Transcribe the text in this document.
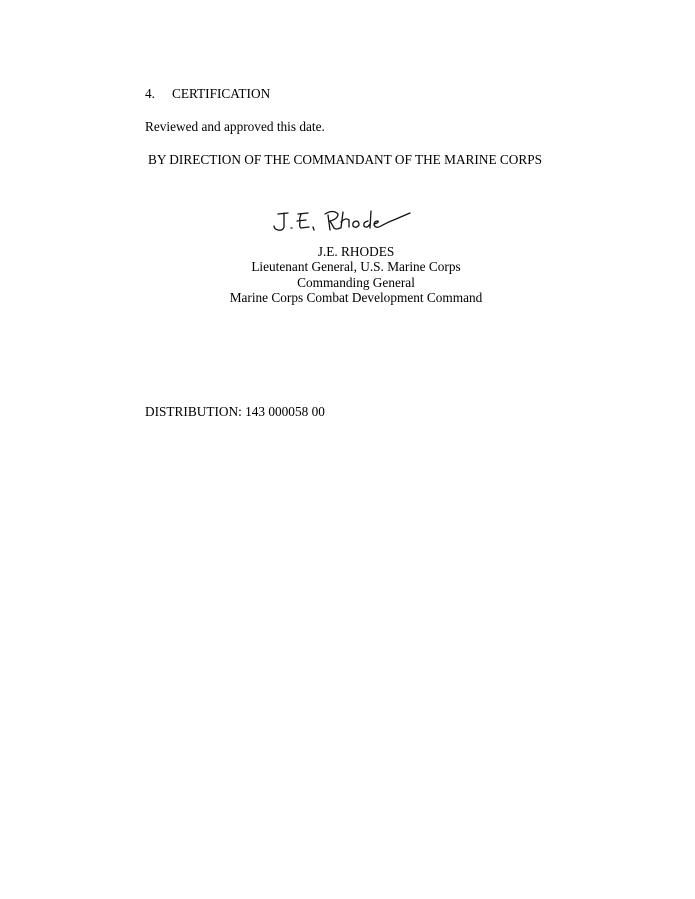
4. CERTIFICATION
Reviewed and approved this date.
BY DIRECTION OF THE COMMANDANT OF THE MARINE CORPS
J.E. RHODES
Lieutenant General, U.S. Marine Corps
Commanding General
Marine Corps Combat Development Command
DISTRIBUTION: 143 000058 00
